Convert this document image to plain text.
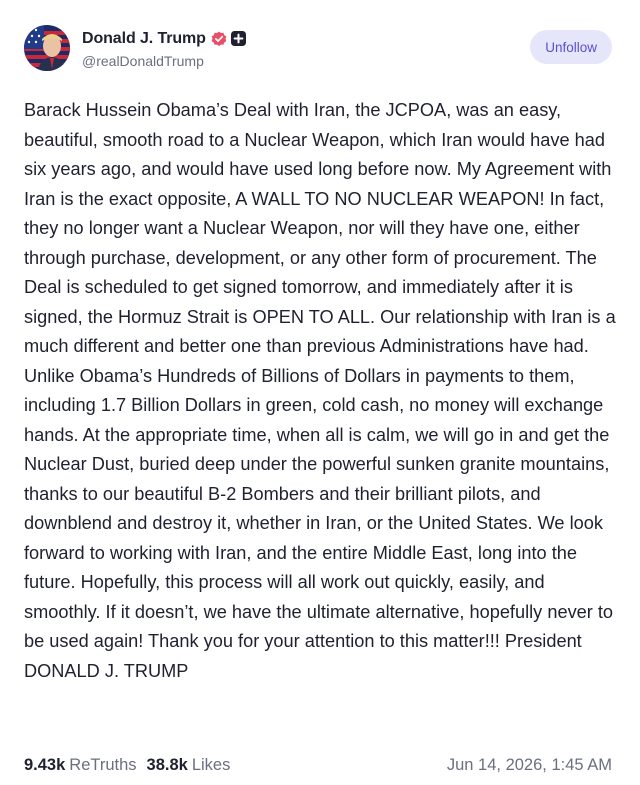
Donald J. Trump
@realDonaldTrump
Unfollow
Barack Hussein Obama’s Deal with Iran, the JCPOA, was an easy, beautiful, smooth road to a Nuclear Weapon, which Iran would have had six years ago, and would have used long before now. My Agreement with Iran is the exact opposite, A WALL TO NO NUCLEAR WEAPON! In fact, they no longer want a Nuclear Weapon, nor will they have one, either through purchase, development, or any other form of procurement. The Deal is scheduled to get signed tomorrow, and immediately after it is signed, the Hormuz Strait is OPEN TO ALL. Our relationship with Iran is a much different and better one than previous Administrations have had. Unlike Obama’s Hundreds of Billions of Dollars in payments to them, including 1.7 Billion Dollars in green, cold cash, no money will exchange hands. At the appropriate time, when all is calm, we will go in and get the Nuclear Dust, buried deep under the powerful sunken granite mountains, thanks to our beautiful B-2 Bombers and their brilliant pilots, and downblend and destroy it, whether in Iran, or the United States. We look forward to working with Iran, and the entire Middle East, long into the future. Hopefully, this process will all work out quickly, easily, and smoothly. If it doesn’t, we have the ultimate alternative, hopefully never to be used again! Thank you for your attention to this matter!!! President DONALD J. TRUMP
9.43k ReTruths 38.8k Likes	Jun 14, 2026, 1:45 AM
